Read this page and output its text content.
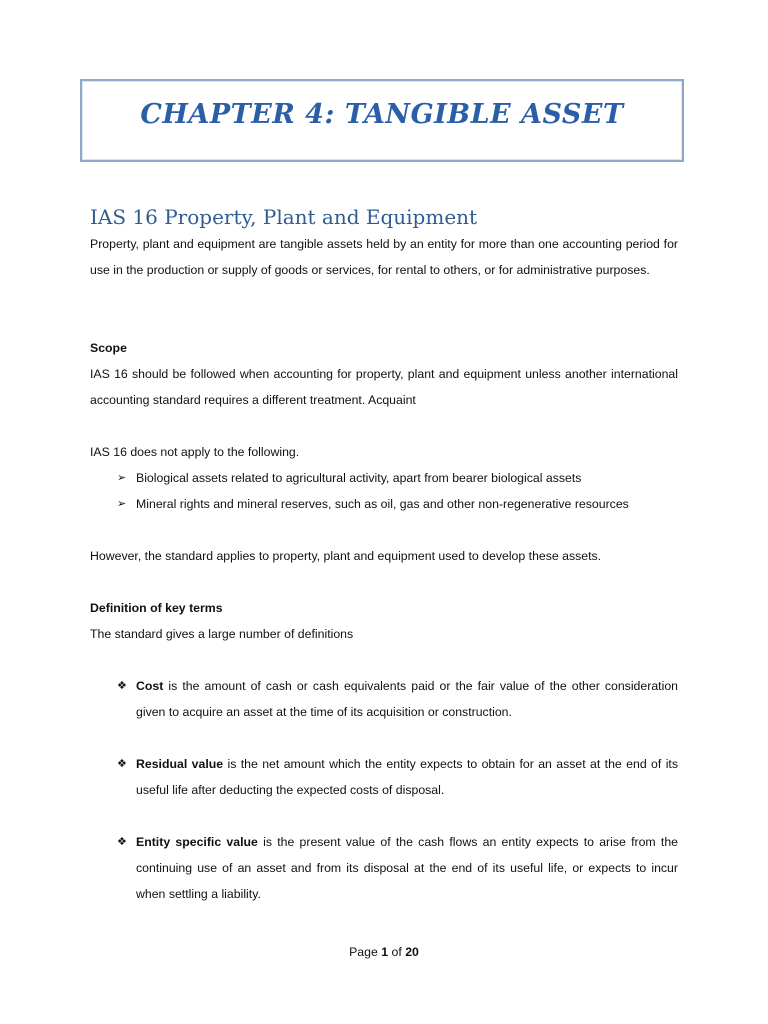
CHAPTER 4: TANGIBLE ASSET
IAS 16 Property, Plant and Equipment

Property, plant and equipment are tangible assets held by an entity for more than one accounting period for use in the production or supply of goods or services, for rental to others, or for administrative purposes.

Scope

IAS 16 should be followed when accounting for property, plant and equipment unless another international accounting standard requires a different treatment. Acquaint

IAS 16 does not apply to the following.

➢ Biological assets related to agricultural activity, apart from bearer biological assets
➢ Mineral rights and mineral reserves, such as oil, gas and other non-regenerative resources

However, the standard applies to property, plant and equipment used to develop these assets.

Definition of key terms

The standard gives a large number of definitions

❖ Cost is the amount of cash or cash equivalents paid or the fair value of the other consideration given to acquire an asset at the time of its acquisition or construction.
❖ Residual value is the net amount which the entity expects to obtain for an asset at the end of its useful life after deducting the expected costs of disposal.
❖ Entity specific value is the present value of the cash flows an entity expects to arise from the continuing use of an asset and from its disposal at the end of its useful life, or expects to incur when settling a liability.
Page 1 of 20
